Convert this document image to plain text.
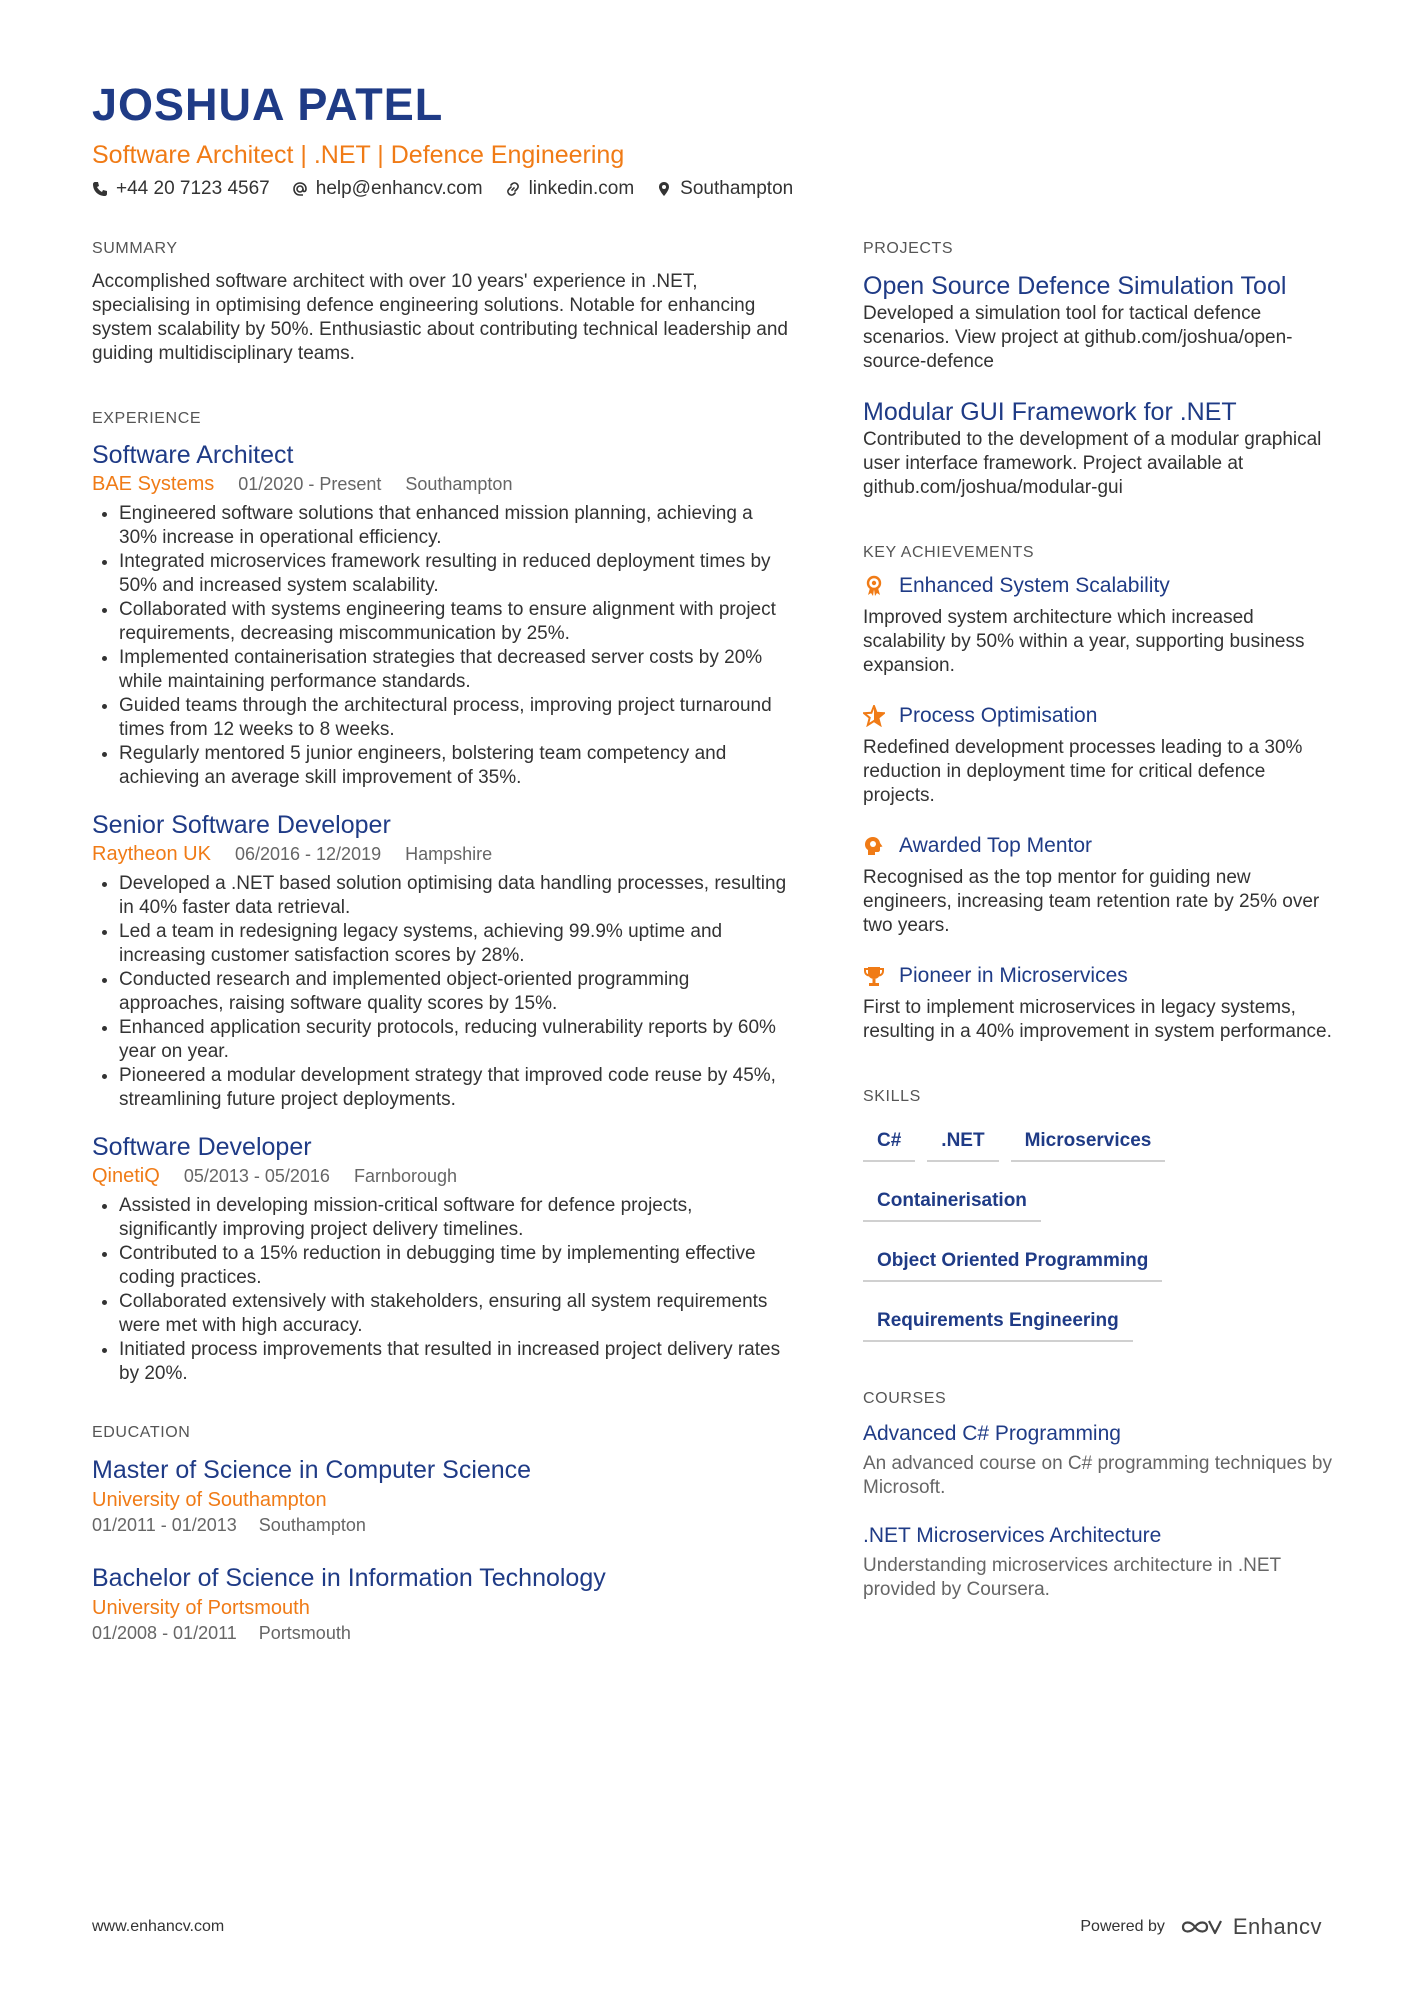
JOSHUA PATEL
Software Architect | .NET | Defence Engineering
+44 20 7123 4567 help@enhancv.com linkedin.com Southampton
SUMMARY
Accomplished software architect with over 10 years' experience in .NET, specialising in optimising defence engineering solutions. Notable for enhancing system scalability by 50%. Enthusiastic about contributing technical leadership and guiding multidisciplinary teams.
EXPERIENCE
Software Architect
BAE Systems 01/2020 - Present Southampton
• Engineered software solutions that enhanced mission planning, achieving a 30% increase in operational efficiency.
• Integrated microservices framework resulting in reduced deployment times by 50% and increased system scalability.
• Collaborated with systems engineering teams to ensure alignment with project requirements, decreasing miscommunication by 25%.
• Implemented containerisation strategies that decreased server costs by 20% while maintaining performance standards.
• Guided teams through the architectural process, improving project turnaround times from 12 weeks to 8 weeks.
• Regularly mentored 5 junior engineers, bolstering team competency and achieving an average skill improvement of 35%.
Senior Software Developer
Raytheon UK 06/2016 - 12/2019 Hampshire
• Developed a .NET based solution optimising data handling processes, resulting in 40% faster data retrieval.
• Led a team in redesigning legacy systems, achieving 99.9% uptime and increasing customer satisfaction scores by 28%.
• Conducted research and implemented object-oriented programming approaches, raising software quality scores by 15%.
• Enhanced application security protocols, reducing vulnerability reports by 60% year on year.
• Pioneered a modular development strategy that improved code reuse by 45%, streamlining future project deployments.
Software Developer
QinetiQ 05/2013 - 05/2016 Farnborough
• Assisted in developing mission-critical software for defence projects, significantly improving project delivery timelines.
• Contributed to a 15% reduction in debugging time by implementing effective coding practices.
• Collaborated extensively with stakeholders, ensuring all system requirements were met with high accuracy.
• Initiated process improvements that resulted in increased project delivery rates by 20%.
EDUCATION
Master of Science in Computer Science
University of Southampton
01/2011 - 01/2013 Southampton
Bachelor of Science in Information Technology
University of Portsmouth
01/2008 - 01/2011 Portsmouth
PROJECTS
Open Source Defence Simulation Tool
Developed a simulation tool for tactical defence scenarios. View project at github.com/joshua/open-source-defence
Modular GUI Framework for .NET
Contributed to the development of a modular graphical user interface framework. Project available at github.com/joshua/modular-gui
KEY ACHIEVEMENTS
Enhanced System Scalability
Improved system architecture which increased scalability by 50% within a year, supporting business expansion.
Process Optimisation
Redefined development processes leading to a 30% reduction in deployment time for critical defence projects.
Awarded Top Mentor
Recognised as the top mentor for guiding new engineers, increasing team retention rate by 25% over two years.
Pioneer in Microservices
First to implement microservices in legacy systems, resulting in a 40% improvement in system performance.
SKILLS
C#	.NET	Microservices
Containerisation
Object Oriented Programming
Requirements Engineering
COURSES
Advanced C# Programming
An advanced course on C# programming techniques by Microsoft.
.NET Microservices Architecture
Understanding microservices architecture in .NET provided by Coursera.
www.enhancv.com	Powered by	Enhancv
